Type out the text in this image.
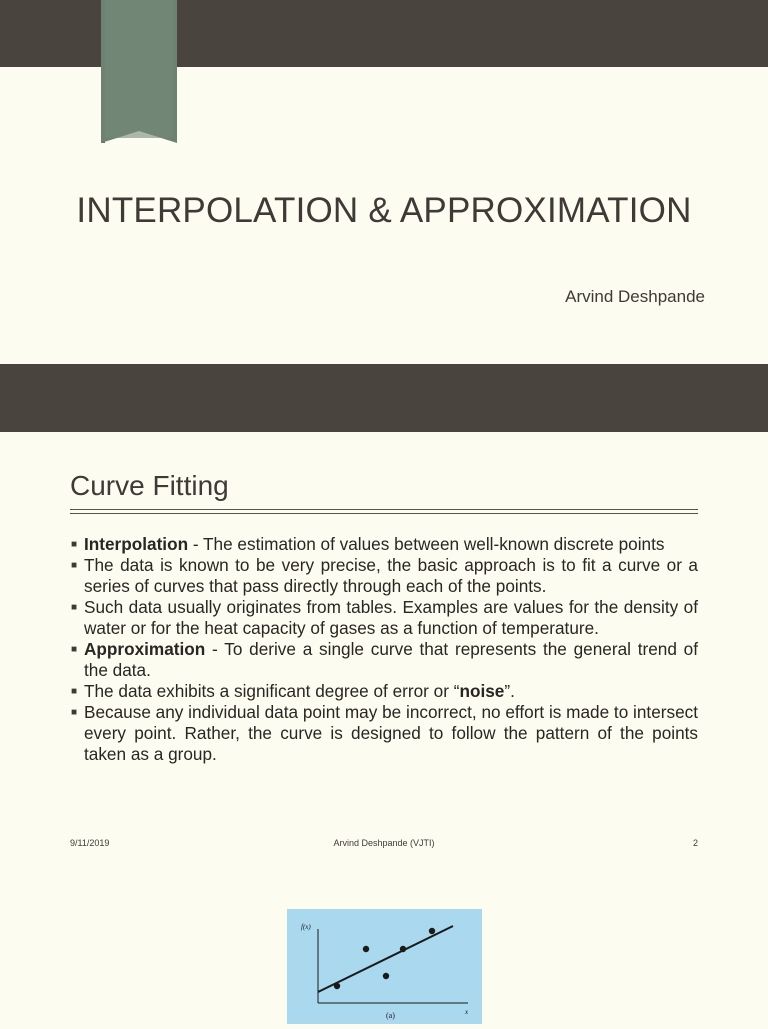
INTERPOLATION & APPROXIMATION
Arvind Deshpande
Curve Fitting
■ Interpolation - The estimation of values between well-known discrete points
■ The data is known to be very precise, the basic approach is to fit a curve or a series of curves that pass directly through each of the points.
■ Such data usually originates from tables. Examples are values for the density of water or for the heat capacity of gases as a function of temperature.
■ Approximation - To derive a single curve that represents the general trend of the data.
■ The data exhibits a significant degree of error or “noise”.
■ Because any individual data point may be incorrect, no effort is made to intersect every point. Rather, the curve is designed to follow the pattern of the points taken as a group.
9/11/2019	Arvind Deshpande (VJTI)	2
f(x)
x
(a)
